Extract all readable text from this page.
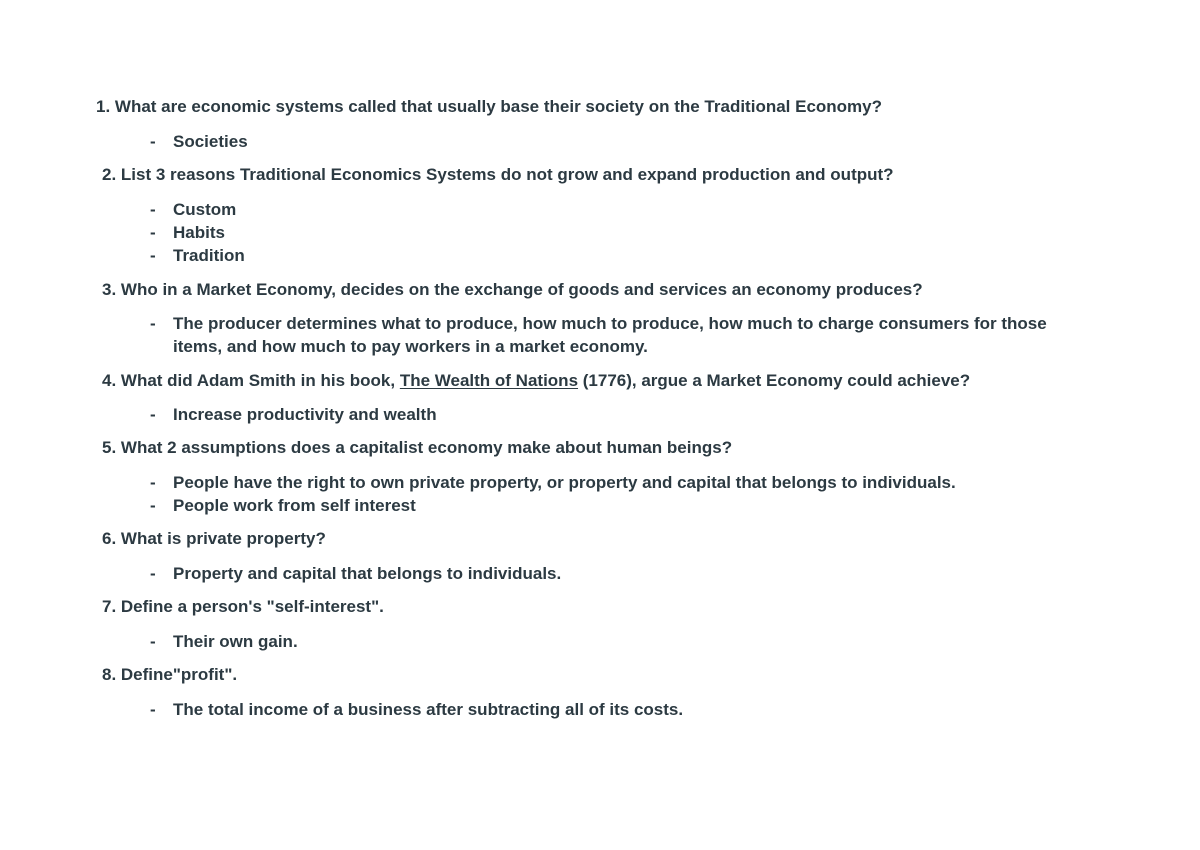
1. What are economic systems called that usually base their society on the Traditional Economy?

- Societies

2. List 3 reasons Traditional Economics Systems do not grow and expand production and output?

- Custom
- Habits
- Tradition

3. Who in a Market Economy, decides on the exchange of goods and services an economy produces?

- The producer determines what to produce, how much to produce, how much to charge consumers for those items, and how much to pay workers in a market economy.

4. What did Adam Smith in his book, The Wealth of Nations (1776), argue a Market Economy could achieve?

- Increase productivity and wealth

5. What 2 assumptions does a capitalist economy make about human beings?

- People have the right to own private property, or property and capital that belongs to individuals.
- People work from self interest

6. What is private property?

- Property and capital that belongs to individuals.

7. Define a person's "self-interest".

- Their own gain.

8. Define"profit".

- The total income of a business after subtracting all of its costs.
